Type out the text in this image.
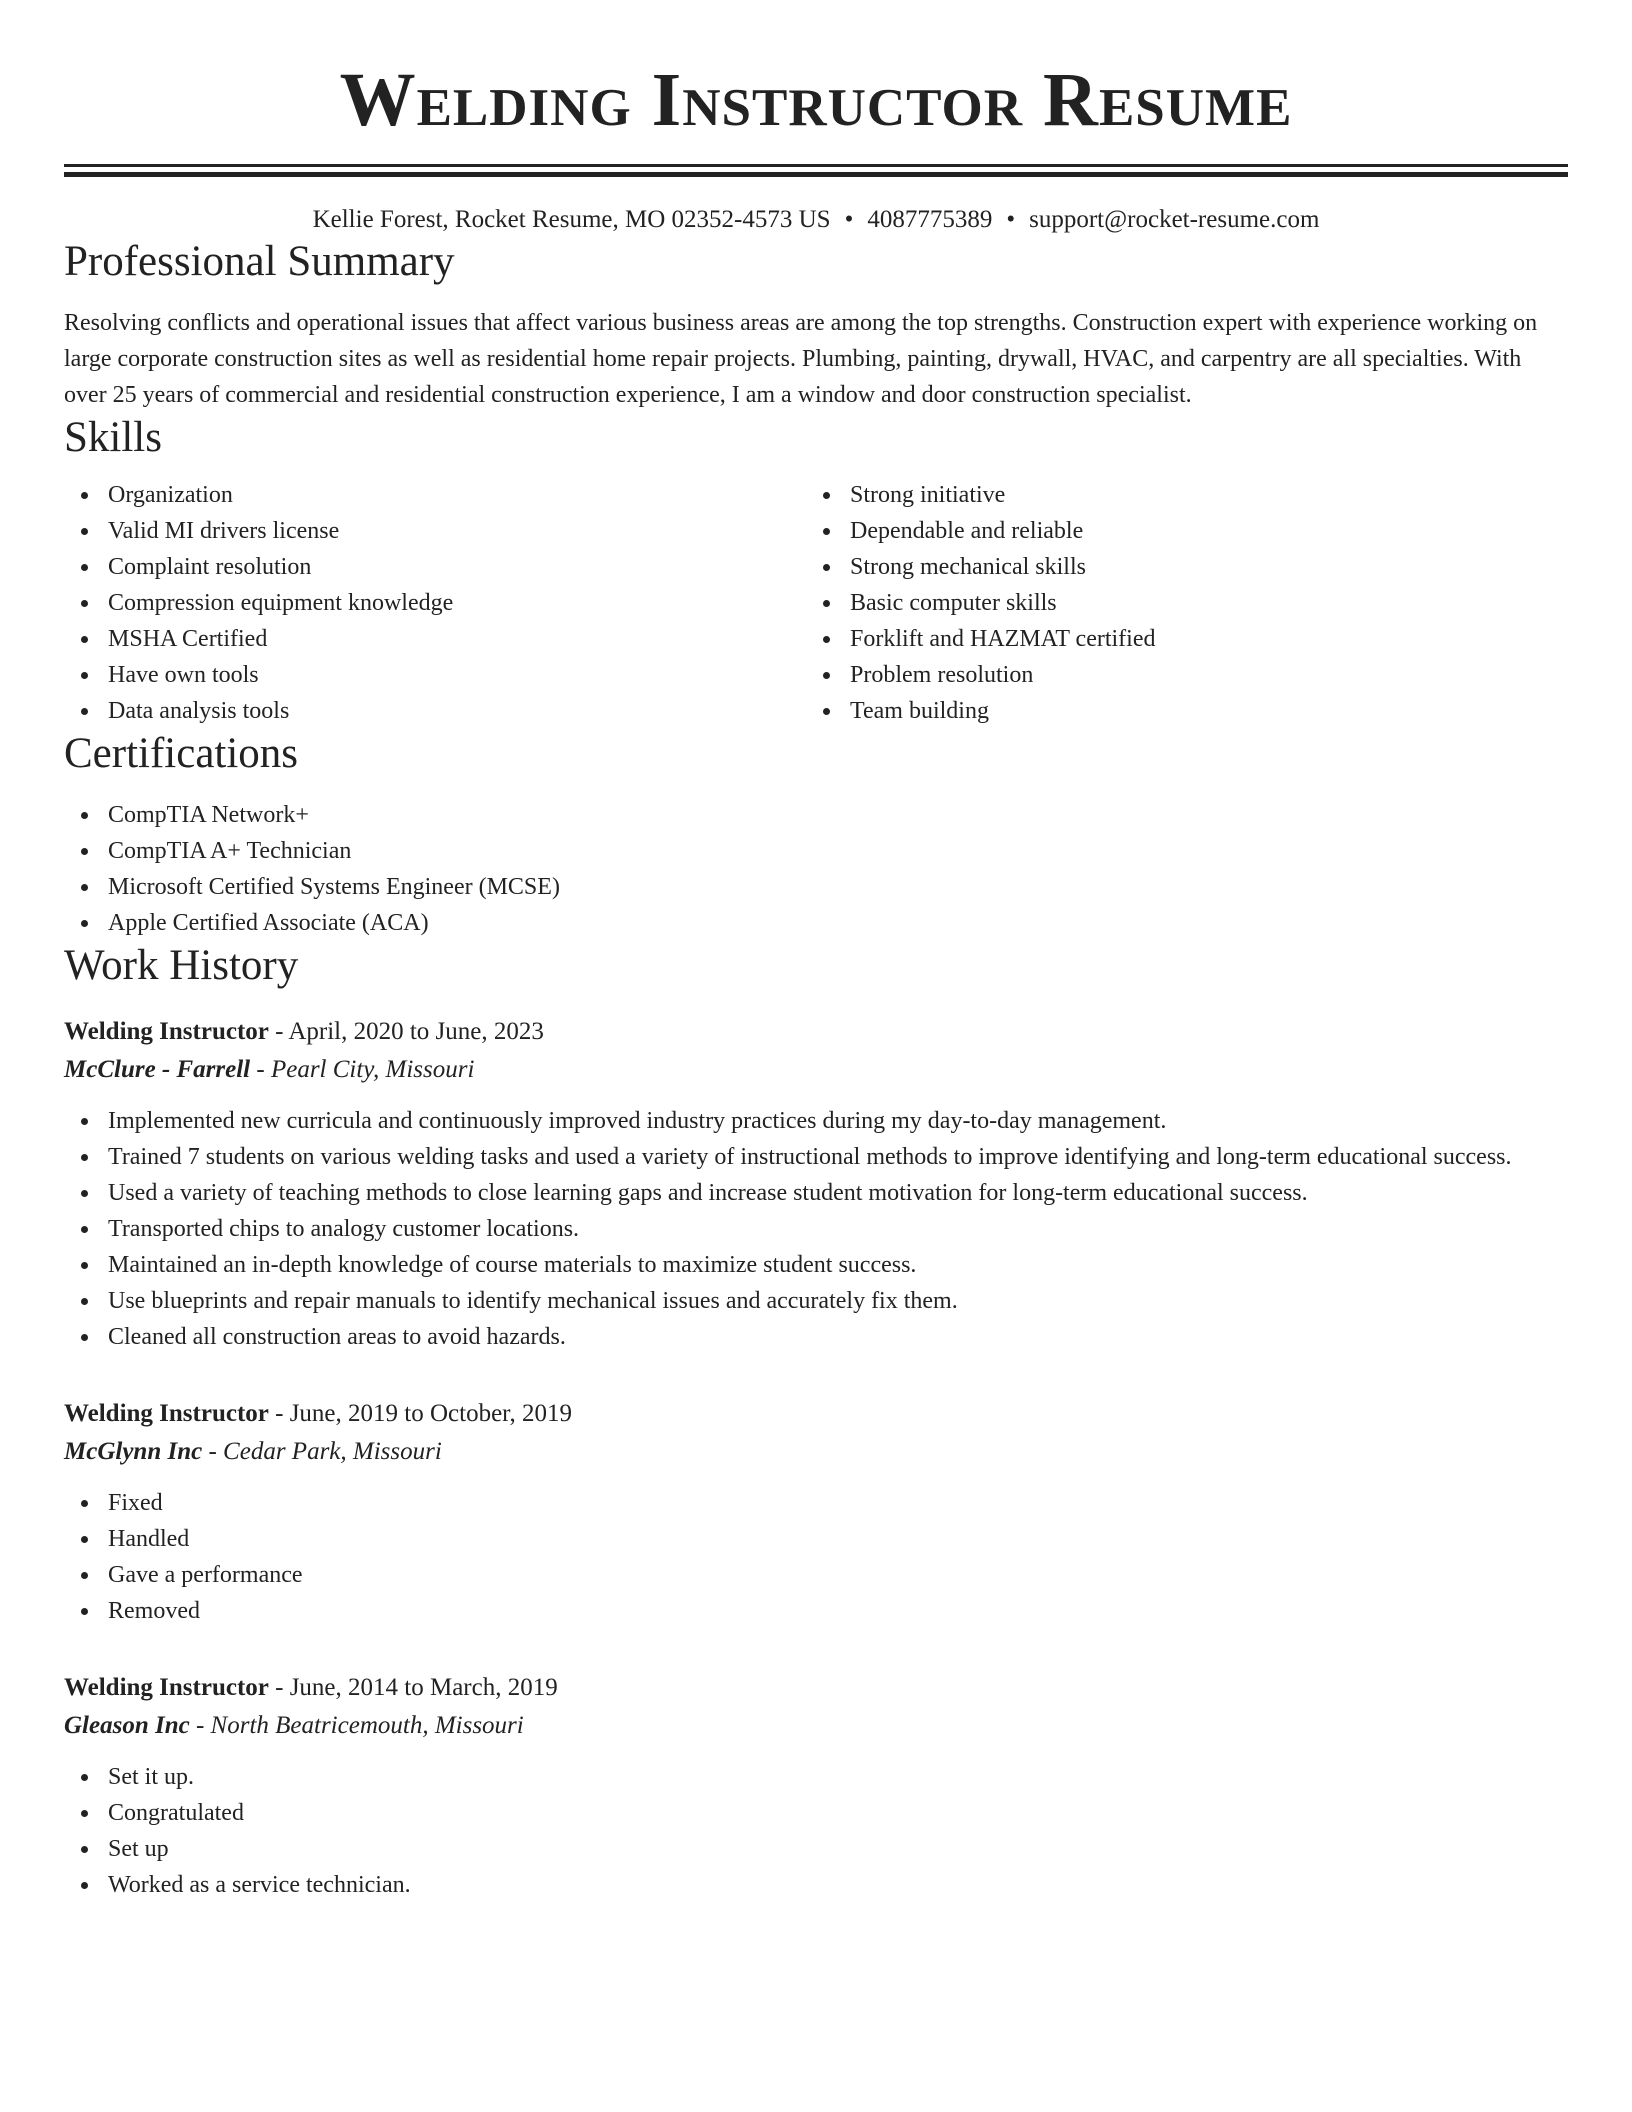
Welding Instructor Resume
Kellie Forest, Rocket Resume, MO 02352-4573 US • 4087775389 • support@rocket-resume.com
Professional Summary

Resolving conflicts and operational issues that affect various business areas are among the top strengths. Construction expert with experience working on large corporate construction sites as well as residential home repair projects. Plumbing, painting, drywall, HVAC, and carpentry are all specialties. With over 25 years of commercial and residential construction experience, I am a window and door construction specialist.

Skills
Organization
Valid MI drivers license
Complaint resolution
Compression equipment knowledge
MSHA Certified
Have own tools
Data analysis tools
Strong initiative
Dependable and reliable
Strong mechanical skills
Basic computer skills
Forklift and HAZMAT certified
Problem resolution
Team building
Certifications
CompTIA Network+
CompTIA A+ Technician
Microsoft Certified Systems Engineer (MCSE)
Apple Certified Associate (ACA)
Work History
Welding Instructor - April, 2020 to June, 2023
McClure - Farrell - Pearl City, Missouri
Implemented new curricula and continuously improved industry practices during my day-to-day management.
Trained 7 students on various welding tasks and used a variety of instructional methods to improve identifying and long-term educational success.
Used a variety of teaching methods to close learning gaps and increase student motivation for long-term educational success.
Transported chips to analogy customer locations.
Maintained an in-depth knowledge of course materials to maximize student success.
Use blueprints and repair manuals to identify mechanical issues and accurately fix them.
Cleaned all construction areas to avoid hazards.
Welding Instructor - June, 2019 to October, 2019
McGlynn Inc - Cedar Park, Missouri
Fixed
Handled
Gave a performance
Removed
Welding Instructor - June, 2014 to March, 2019
Gleason Inc - North Beatricemouth, Missouri
Set it up.
Congratulated
Set up
Worked as a service technician.
